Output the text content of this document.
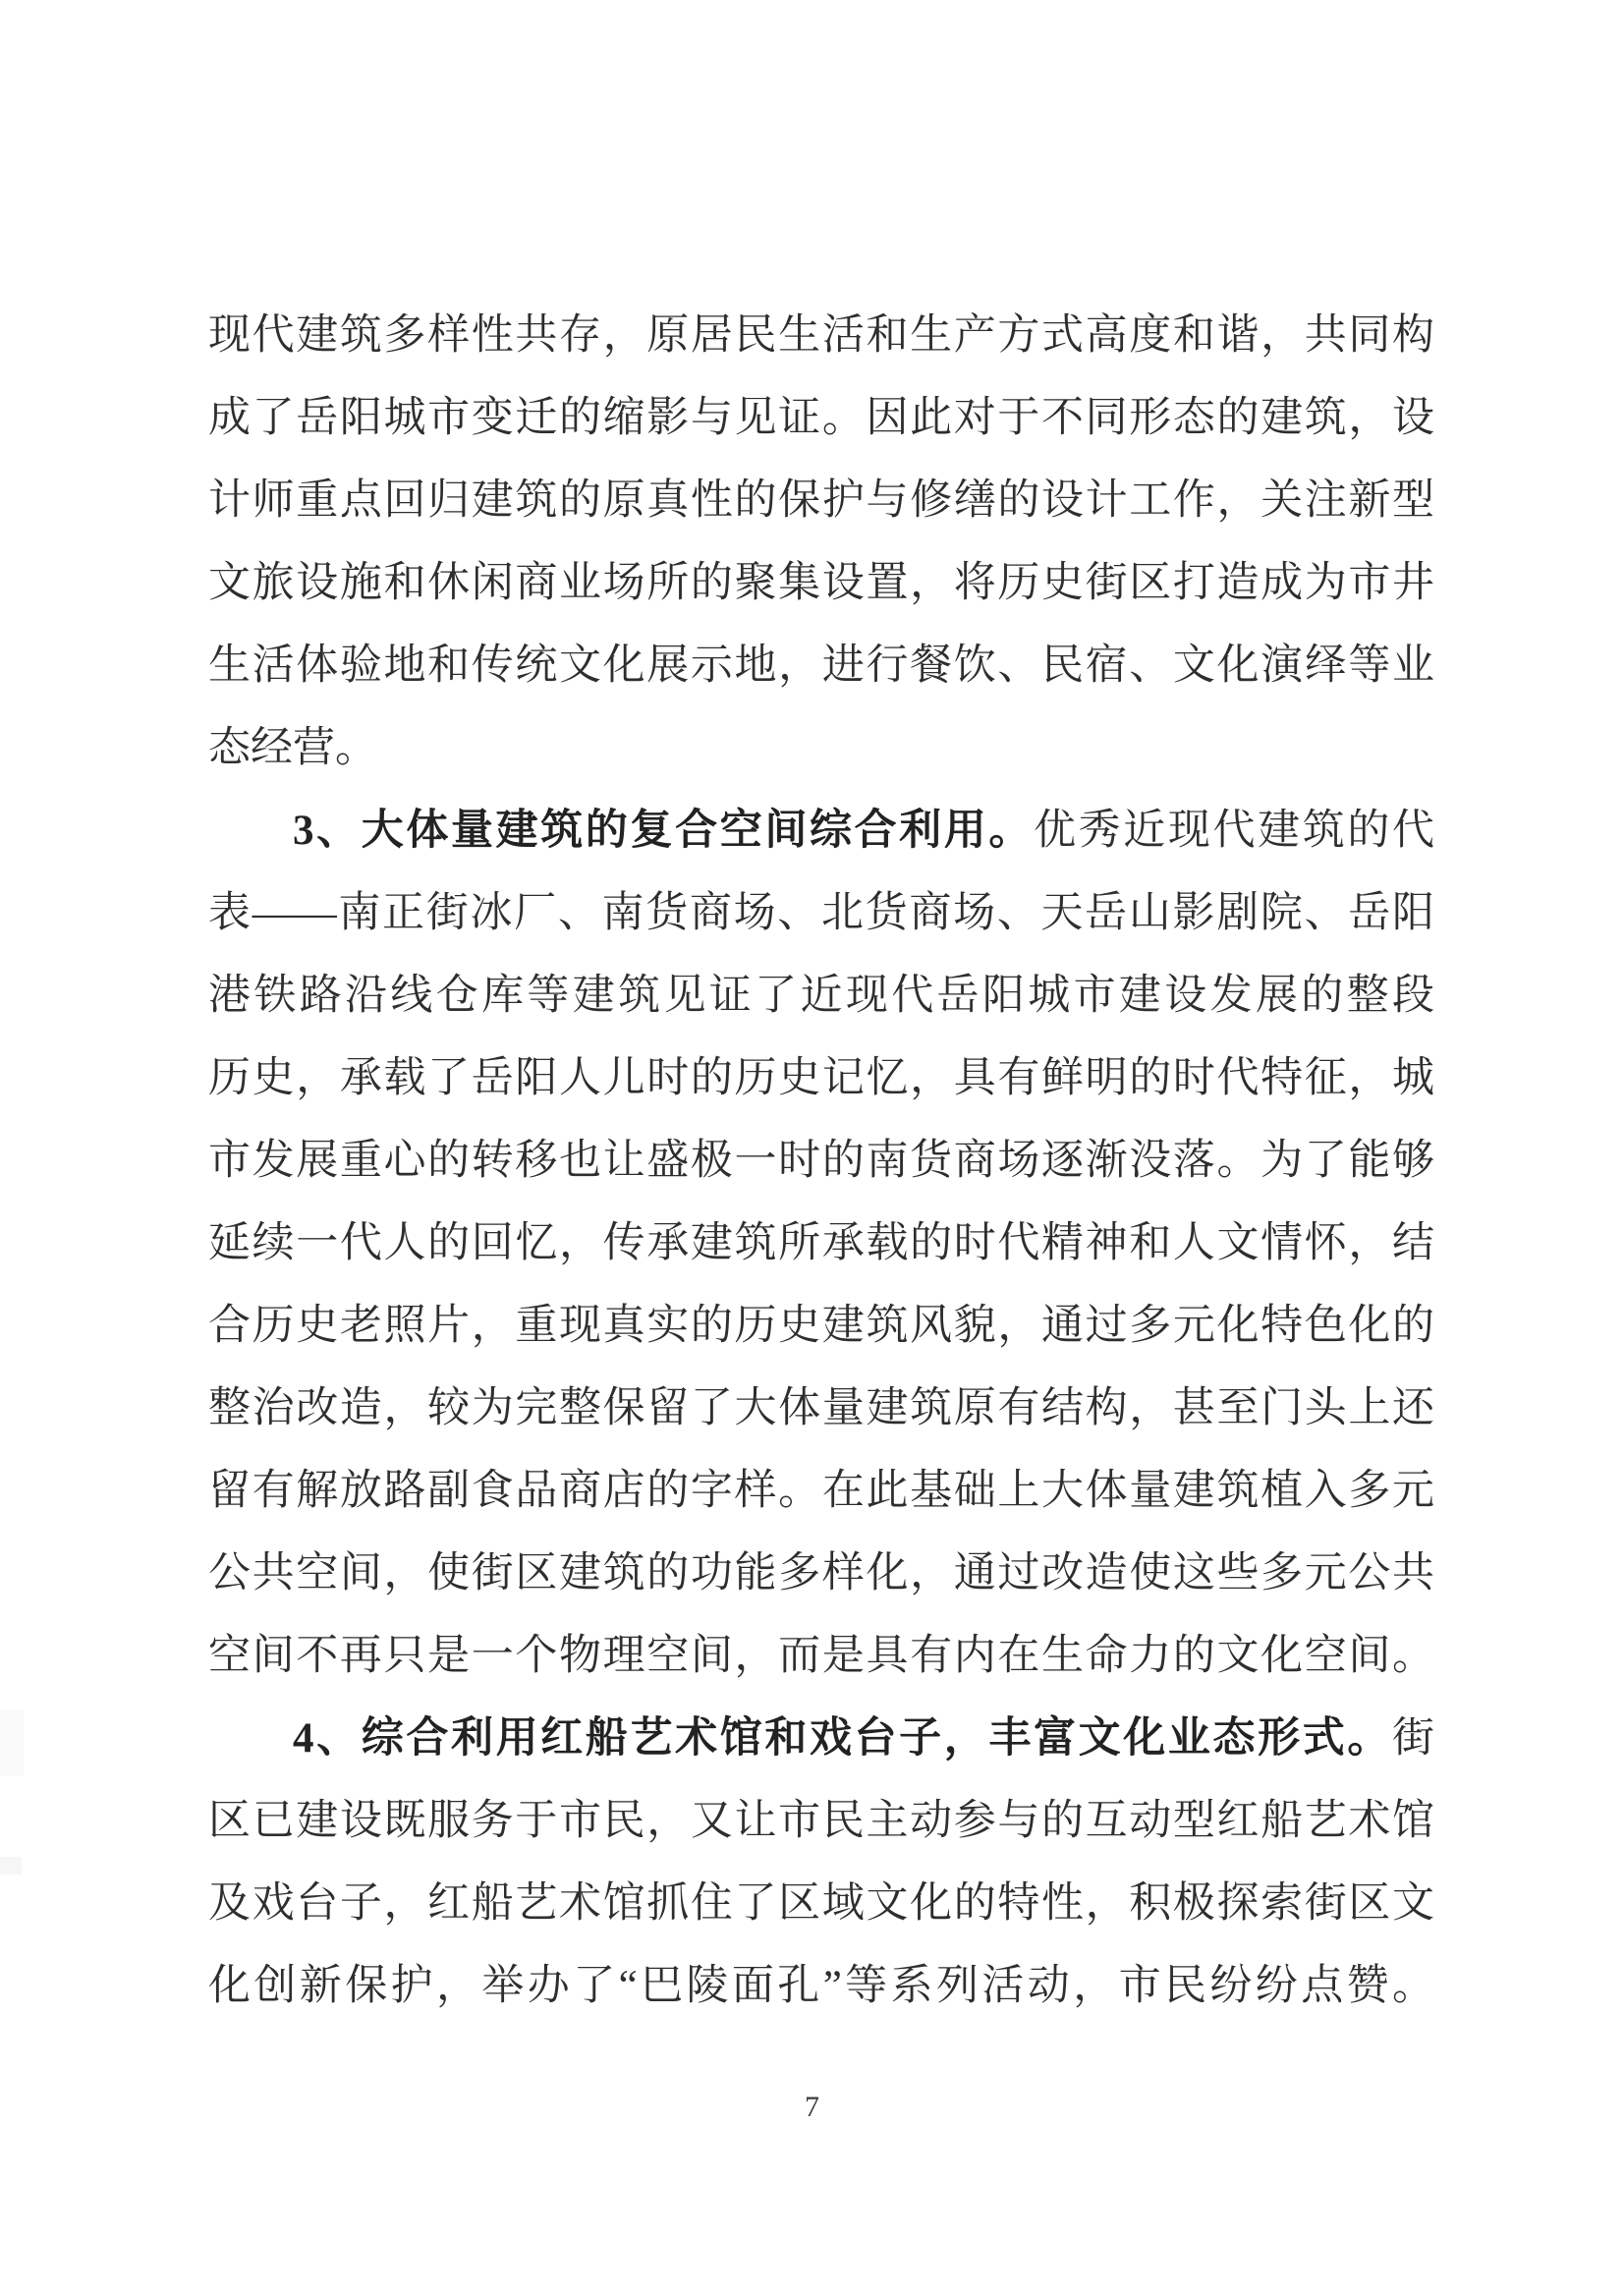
现代建筑多样性共存，原居民生活和生产方式高度和谐，共同构
成了岳阳城市变迁的缩影与见证。因此对于不同形态的建筑，设
计师重点回归建筑的原真性的保护与修缮的设计工作，关注新型
文旅设施和休闲商业场所的聚集设置，将历史街区打造成为市井
生活体验地和传统文化展示地，进行餐饮、民宿、文化演绎等业
态经营。
3、大体量建筑的复合空间综合利用。优秀近现代建筑的代
表——南正街冰厂、南货商场、北货商场、天岳山影剧院、岳阳
港铁路沿线仓库等建筑见证了近现代岳阳城市建设发展的整段
历史，承载了岳阳人儿时的历史记忆，具有鲜明的时代特征，城
市发展重心的转移也让盛极一时的南货商场逐渐没落。为了能够
延续一代人的回忆，传承建筑所承载的时代精神和人文情怀，结
合历史老照片，重现真实的历史建筑风貌，通过多元化特色化的
整治改造，较为完整保留了大体量建筑原有结构，甚至门头上还
留有解放路副食品商店的字样。在此基础上大体量建筑植入多元
公共空间，使街区建筑的功能多样化，通过改造使这些多元公共
空间不再只是一个物理空间，而是具有内在生命力的文化空间。
4、综合利用红船艺术馆和戏台子，丰富文化业态形式。街
区已建设既服务于市民，又让市民主动参与的互动型红船艺术馆
及戏台子，红船艺术馆抓住了区域文化的特性，积极探索街区文
化创新保护，举办了“巴陵面孔”等系列活动，市民纷纷点赞。
7
